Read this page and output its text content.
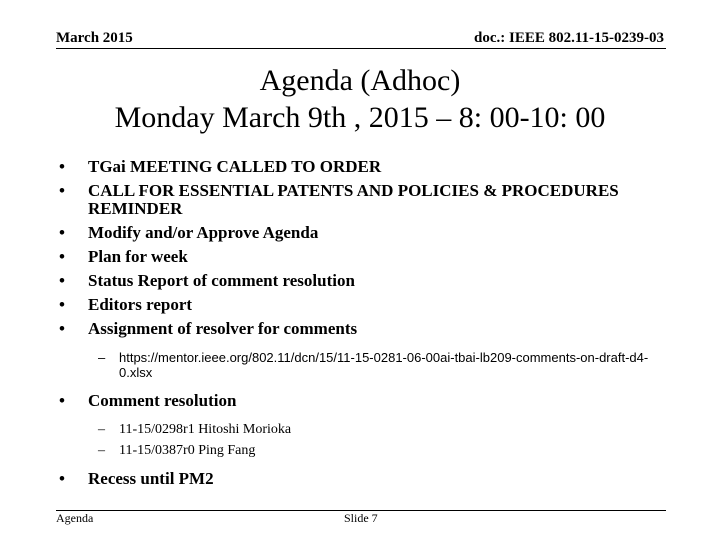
March 2015	doc.: IEEE 802.11-15-0239-03
Agenda (Adhoc)
Monday March 9th , 2015 – 8: 00-10: 00
• TGai MEETING CALLED TO ORDER
• CALL FOR ESSENTIAL PATENTS AND POLICIES & PROCEDURES REMINDER
• Modify and/or Approve Agenda
• Plan for week
• Status Report of comment resolution
• Editors report
• Assignment of resolver for comments
– https://mentor.ieee.org/802.11/dcn/15/11-15-0281-06-00ai-tbai-lb209-comments-on-draft-d4-0.xlsx
• Comment resolution
– 11-15/0298r1 Hitoshi Morioka
– 11-15/0387r0 Ping Fang
• Recess until PM2
Agenda	Slide 7
